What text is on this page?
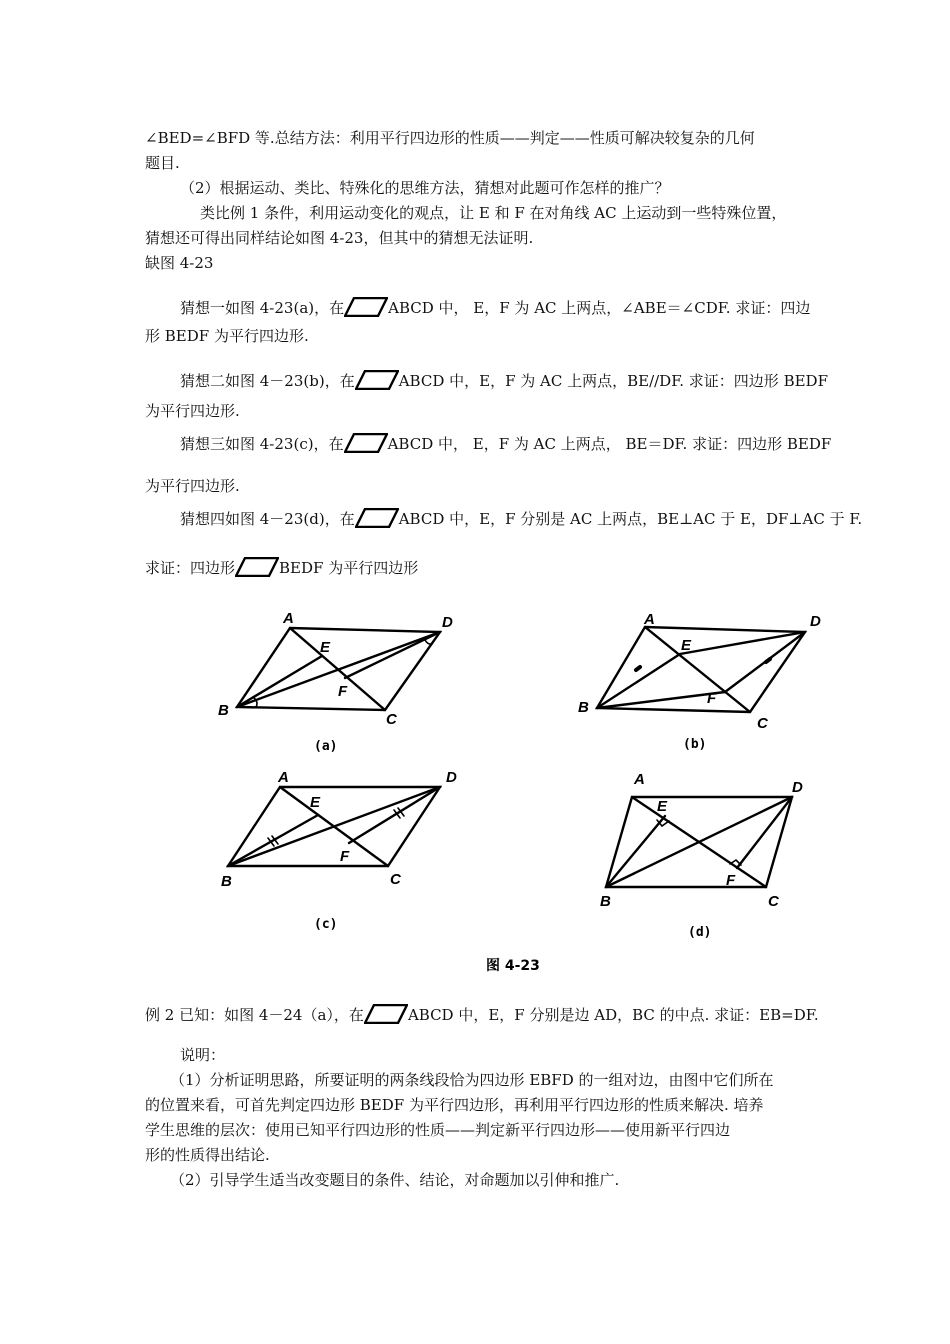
∠BED=∠BFD 等.总结方法：利用平行四边形的性质——判定——性质可解决较复杂的几何
题目.
（2）根据运动、类比、特殊化的思维方法，猜想对此题可作怎样的推广？
类比例 1 条件，利用运动变化的观点，让 E 和 F 在对角线 AC 上运动到一些特殊位置，
猜想还可得出同样结论如图 4-23，但其中的猜想无法证明.
缺图 4-23
猜想一如图 4-23(a)，在	ABCD 中， E，F 为 AC 上两点，∠ABE＝∠CDF. 求证：四边
形 BEDF 为平行四边形.
猜想二如图 4－23(b)，在	ABCD 中，E，F 为 AC 上两点，BE//DF. 求证：四边形 BEDF
为平行四边形.
猜想三如图 4-23(c)，在	ABCD 中， E，F 为 AC 上两点， BE＝DF. 求证：四边形 BEDF
为平行四边形.
猜想四如图 4－23(d)，在	ABCD 中，E，F 分别是 AC 上两点，BE⊥AC 于 E，DF⊥AC 于 F.
求证：四边形	BEDF 为平行四边形
A	D
E
F
B
C
A	D
E
F
B
C
A	D
E
F
B	C
A	D
E
F
B	C
(a)	(b)
(c)
(d)
图 4-23
例 2 已知：如图 4－24（a），在	ABCD 中，E，F 分别是边 AD，BC 的中点. 求证：EB=DF.
说明：
（1）分析证明思路，所要证明的两条线段恰为四边形 EBFD 的一组对边，由图中它们所在
的位置来看，可首先判定四边形 BEDF 为平行四边形，再利用平行四边形的性质来解决. 培养
学生思维的层次：使用已知平行四边形的性质——判定新平行四边形——使用新平行四边
形的性质得出结论.
（2）引导学生适当改变题目的条件、结论，对命题加以引伸和推广.
